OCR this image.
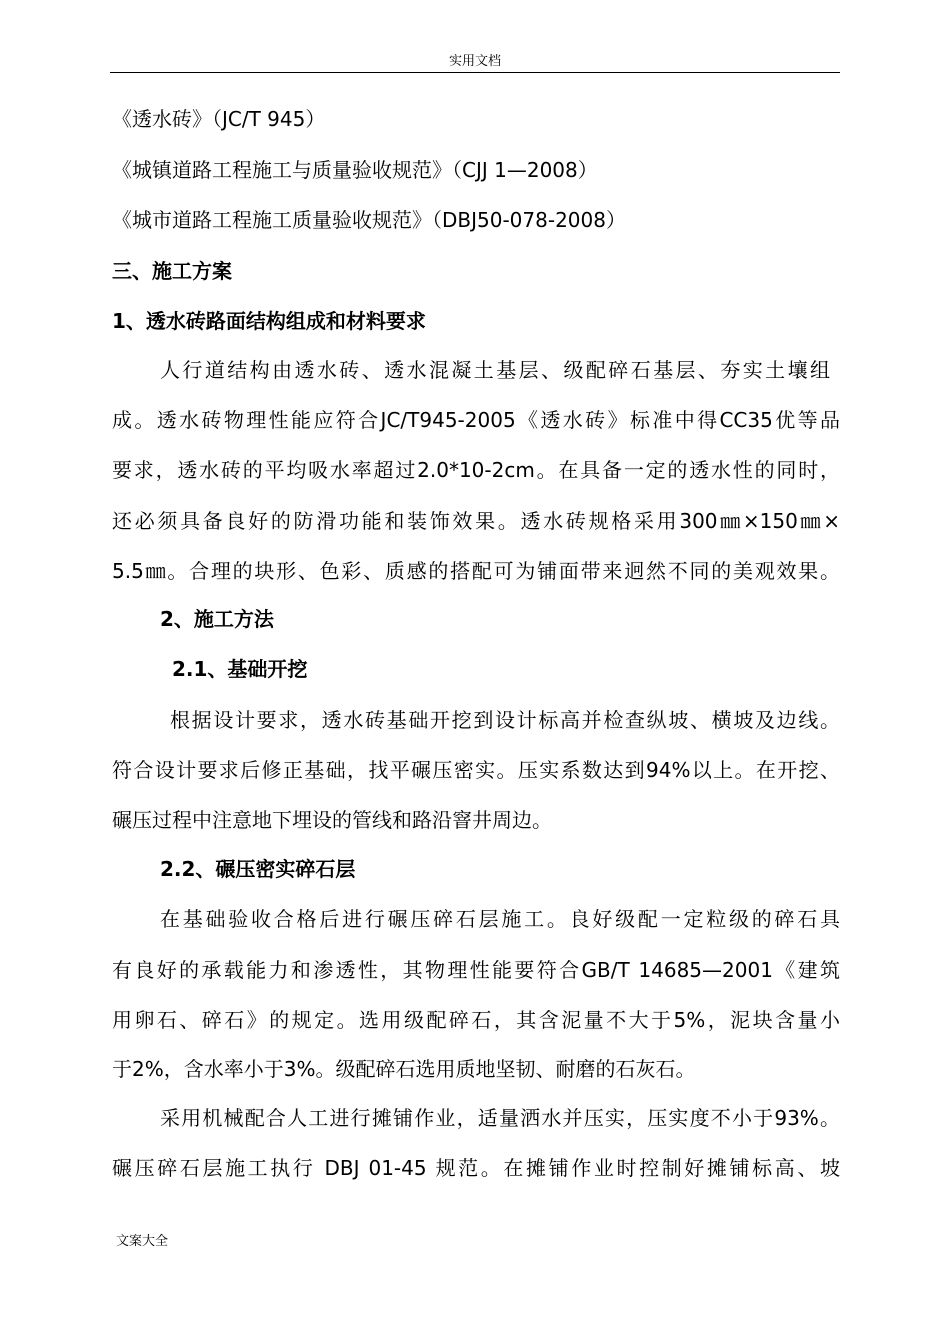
实用文档
《透水砖》（JC/T 945）
《城镇道路工程施工与质量验收规范》（CJJ 1—2008）
《城市道路工程施工质量验收规范》（DBJ50-078-2008）
三、施工方案
1、透水砖路面结构组成和材料要求
人行道结构由透水砖、透水混凝土基层、级配碎石基层、夯实土壤组
成。透水砖物理性能应符合JC/T945-2005《透水砖》标准中得CC35优等品
要求，透水砖的平均吸水率超过2.0*10-2cm。在具备一定的透水性的同时，
还必须具备良好的防滑功能和装饰效果。透水砖规格采用300㎜×150㎜×
5.5㎜。合理的块形、色彩、质感的搭配可为铺面带来迥然不同的美观效果。
2、施工方法
2.1、基础开挖
根据设计要求，透水砖基础开挖到设计标高并检查纵坡、横坡及边线。
符合设计要求后修正基础，找平碾压密实。压实系数达到94%以上。在开挖、
碾压过程中注意地下埋设的管线和路沿窨井周边。
2.2、碾压密实碎石层
在基础验收合格后进行碾压碎石层施工。良好级配一定粒级的碎石具
有良好的承载能力和渗透性，其物理性能要符合GB/T 14685—2001《建筑
用卵石、碎石》的规定。选用级配碎石，其含泥量不大于5%，泥块含量小
于2%，含水率小于3%。级配碎石选用质地坚韧、耐磨的石灰石。
采用机械配合人工进行摊铺作业，适量洒水并压实，压实度不小于93%。
碾压碎石层施工执行 DBJ 01-45 规范。在摊铺作业时控制好摊铺标高、坡
文案大全
